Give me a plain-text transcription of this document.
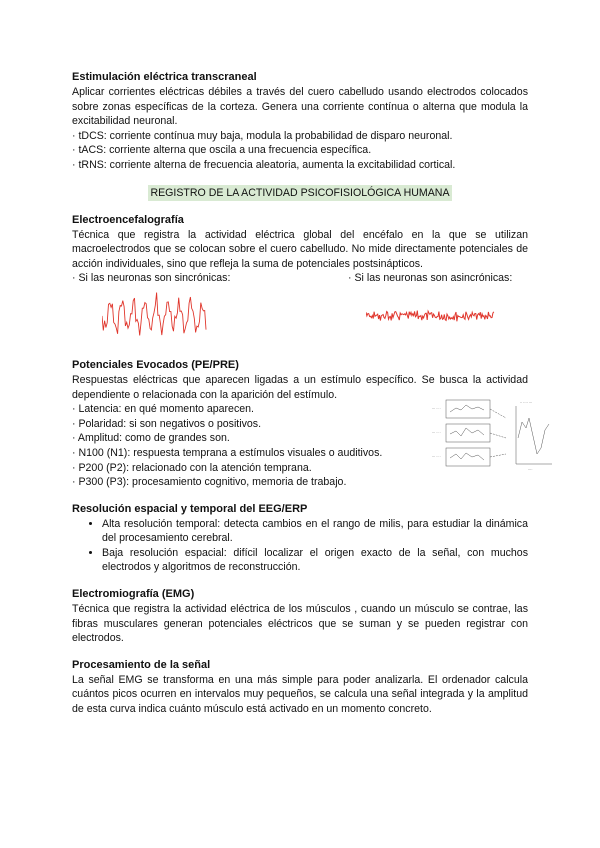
Estimulación eléctrica transcraneal

Aplicar corrientes eléctricas débiles a través del cuero cabelludo usando electrodos colocados sobre zonas específicas de la corteza. Genera una corriente contínua o alterna que modula la excitabilidad neuronal.

· tDCS: corriente contínua muy baja, modula la probabilidad de disparo neuronal.
· tACS: corriente alterna que oscila a una frecuencia específica.
· tRNS: corriente alterna de frecuencia aleatoria, aumenta la excitabilidad cortical.
REGISTRO DE LA ACTIVIDAD PSICOFISIOLÓGICA HUMANA
Electroencefalografía

Técnica que registra la actividad eléctrica global del encéfalo en la que se utilizan macroelectrodos que se colocan sobre el cuero cabelludo. No mide directamente potenciales de acción individuales, sino que refleja la suma de potenciales postsinápticos.

· Si las neuronas son sincrónicas:	· Si las neuronas son asincrónicas:
Potenciales Evocados (PE/PRE)

Respuestas eléctricas que aparecen ligadas a un estímulo específico. Se busca la actividad dependiente o relacionada con la aparición del estímulo.

· Latencia: en qué momento aparecen.
· Polaridad: si son negativos o positivos.
· Amplitud: como de grandes son.
· N100 (N1): respuesta temprana a estímulos visuales o auditivos.
· P200 (P2): relacionado con la atención temprana.
· P300 (P3): procesamiento cognitivo, memoria de trabajo.
··· ·· ·
··· ·· ·
··· ·· ·
·· ···· ···
····
Resolución espacial y temporal del EEG/ERP
• Alta resolución temporal: detecta cambios en el rango de milis, para estudiar la dinámica del procesamiento cerebral.
• Baja resolución espacial: difícil localizar el origen exacto de la señal, con muchos electrodos y algoritmos de reconstrucción.
Electromiografía (EMG)

Técnica que registra la actividad eléctrica de los músculos , cuando un músculo se contrae, las fibras musculares generan potenciales eléctricos que se suman y se pueden registrar con electrodos.

Procesamiento de la señal

La señal EMG se transforma en una más simple para poder analizarla. El ordenador calcula cuántos picos ocurren en intervalos muy pequeños, se calcula una señal integrada y la amplitud de esta curva indica cuánto músculo está activado en un momento concreto.
